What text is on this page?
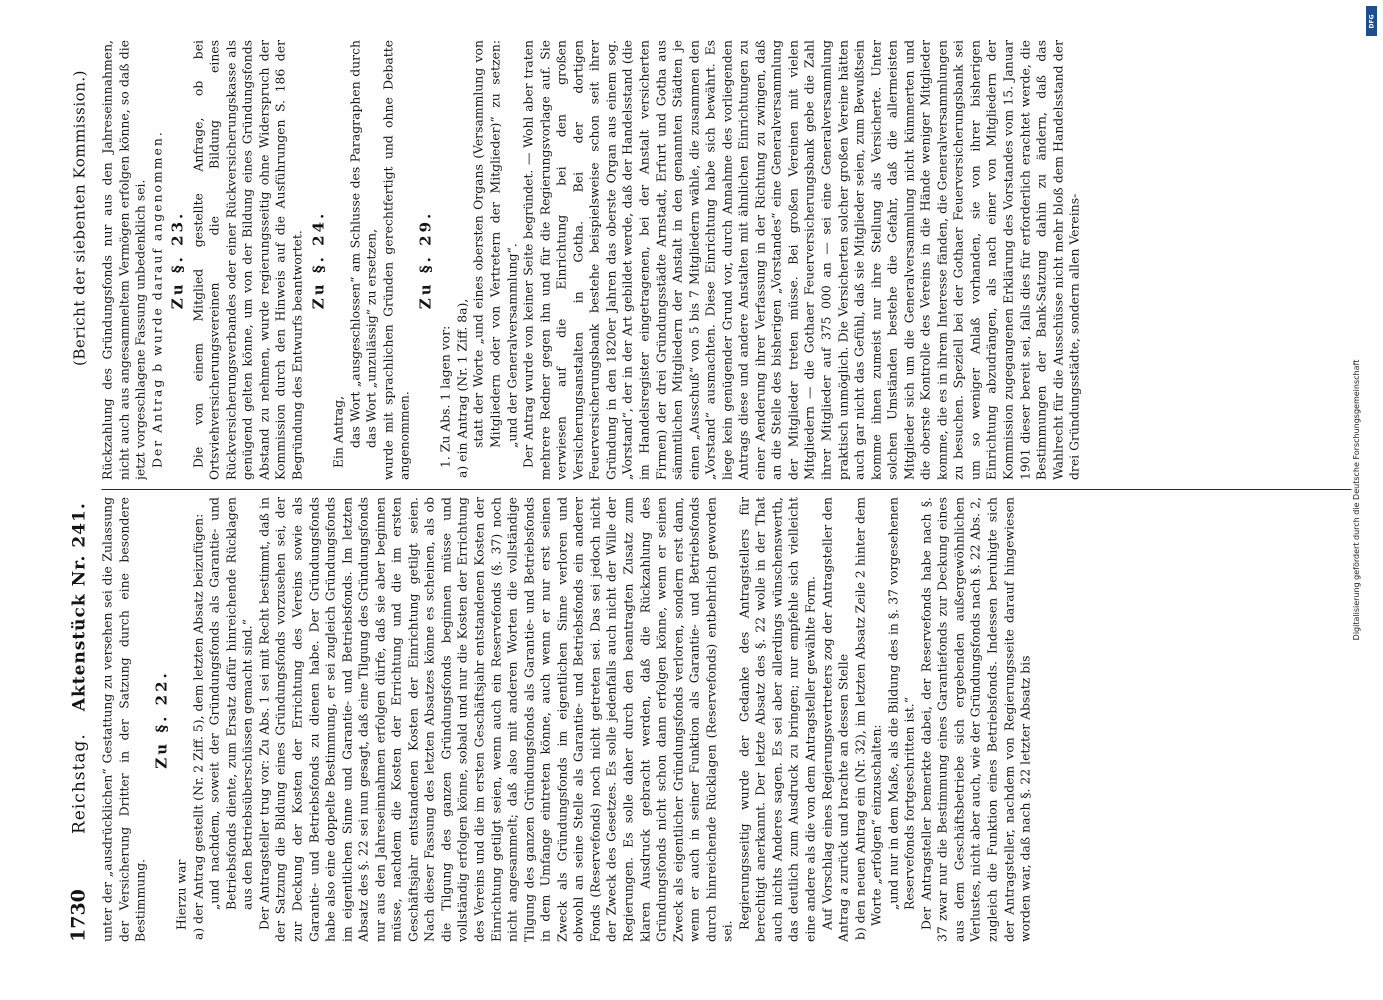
1730
Reichstag.
Aktenstück Nr. 241.
(Bericht der siebenten Kommission.)

unter der „ausdrücklichen“ Gestattung zu versehen sei die Zulassung der Versicherung Dritter in der Satzung durch eine besondere Bestimmung.

Zu §. 22.

Hierzu war a) der Antrag gestellt (Nr. 2 Ziff. 5), dem letzten Absatz beizufügen: „und nachdem, soweit der Gründungsfonds als Garantie- und Betriebsfonds diente, zum Ersatz dafür hinreichende Rücklagen aus den Betriebsüberschüssen gemacht sind.“ Der Antragsteller trug vor: Zu Abs. 1 sei mit Recht bestimmt, daß in der Satzung die Bildung eines Gründungsfonds vorzusehen sei, der zur Deckung der Kosten der Errichtung des Vereins sowie als Garantie- und Betriebsfonds zu dienen habe. Der Gründungsfonds habe also eine doppelte Bestimmung, er sei zugleich Gründungsfonds im eigentlichen Sinne und Garantie- und Betriebsfonds. Im letzten Absatz des §. 22 sei nun gesagt, daß eine Tilgung des Gründungsfonds nur aus den Jahreseinnahmen erfolgen dürfe, daß sie aber beginnen müsse, nachdem die Kosten der Errichtung und die im ersten Geschäftsjahr entstandenen Kosten der Einrichtung getilgt seien. Nach dieser Fassung des letzten Absatzes könne es scheinen, als ob die Tilgung des ganzen Gründungsfonds beginnen müsse und vollständig erfolgen könne, sobald und nur die Kosten der Errichtung des Vereins und die im ersten Geschäftsjahr entstandenen Kosten der Einrichtung getilgt seien, wenn auch ein Reservefonds (§. 37) noch nicht angesammelt; daß also mit anderen Worten die vollständige Tilgung des ganzen Gründungsfonds als Garantie- und Betriebsfonds in dem Umfange eintreten könne, auch wenn er nur erst seinen Zweck als Gründungsfonds im eigentlichen Sinne verloren und obwohl an seine Stelle als Garantie- und Betriebsfonds ein anderer Fonds (Reservefonds) noch nicht getreten sei. Das sei jedoch nicht der Zweck des Gesetzes. Es solle jedenfalls auch nicht der Wille der Regierungen. Es solle daher durch den beantragten Zusatz zum klaren Ausdruck gebracht werden, daß die Rückzahlung des Gründungsfonds nicht schon dann erfolgen könne, wenn er seinen Zweck als eigentlicher Gründungsfonds verloren, sondern erst dann, wenn er auch in seiner Funktion als Garantie- und Betriebsfonds durch hinreichende Rücklagen (Reservefonds) entbehrlich geworden sei.

Regierungsseitig wurde der Gedanke des Antragstellers für berechtigt anerkannt. Der letzte Absatz des §. 22 wolle in der That auch nichts Anderes sagen. Es sei aber allerdings wünschenswerth, das deutlich zum Ausdruck zu bringen; nur empfehle sich vielleicht eine andere als die von dem Antragsteller gewählte Form. Auf Vorschlag eines Regierungsvertreters zog der Antragsteller den Antrag a zurück und brachte an dessen Stelle b) den neuen Antrag ein (Nr. 32), im letzten Absatz Zeile 2 hinter dem Worte „erfolgen“ einzuschalten: „und nur in dem Maße, als die Bildung des in §. 37 vorgesehenen Reservefonds fortgeschritten ist.“ Der Antragsteller bemerkte dabei, der Reservefonds habe nach §. 37 zwar nur die Bestimmung eines Garantiefonds zur Deckung eines aus dem Geschäftsbetriebe sich ergebenden außergewöhnlichen Verlustes, nicht aber auch, wie der Gründungsfonds nach §. 22 Abs. 2, zugleich die Funktion eines Betriebsfonds. Indessen beruhigte sich der Antragsteller, nachdem von Regierungsseite darauf hingewiesen worden war, daß nach §. 22 letzter Absatz bis

Rückzahlung des Gründungsfonds nur aus den Jahreseinnahmen, nicht auch aus angesammeltem Vermögen erfolgen könne, so daß die jetzt vorgeschlagene Fassung unbedenklich sei. Der Antrag b wurde darauf angenommen. Zu §. 23. Die von einem Mitglied gestellte Anfrage, ob bei Ortsviehversicherungsvereinen die Bildung eines Rückversicherungsverbandes oder einer Rückversicherungskasse als genügend gelten könne, um von der Bildung eines Gründungsfonds Abstand zu nehmen, wurde regierungsseitig ohne Widerspruch der Kommission durch den Hinweis auf die Ausführungen S. 186 der Begründung des Entwurfs beantwortet. Zu §. 24.

Ein Antrag, das Wort „ausgeschlossen“ am Schlusse des Paragraphen durch das Wort „unzulässig“ zu ersetzen, wurde mit sprachlichen Gründen gerechtfertigt und ohne Debatte angenommen.

Zu §. 29.

1. Zu Abs. 1 lagen vor: a) ein Antrag (Nr. 1 Ziff. 8a), statt der Worte „und eines obersten Organs (Versammlung von Mitgliedern oder von Vertretern der Mitglieder)“ zu setzen: „und der Generalversammlung“. Der Antrag wurde von keiner Seite begründet. — Wohl aber traten mehrere Redner gegen ihn und für die Regierungsvorlage auf. Sie verwiesen auf die Einrichtung bei den großen Versicherungsanstalten in Gotha. Bei der dortigen Feuerversicherungsbank bestehe beispielsweise schon seit ihrer Gründung in den 1820er Jahren das oberste Organ aus einem sog. „Vorstand“, der in der Art gebildet werde, daß der Handelsstand (die im Handelsregister eingetragenen, bei der Anstalt versicherten Firmen) der drei Gründungsstädte Arnstadt, Erfurt und Gotha aus sämmtlichen Mitgliedern der Anstalt in den genannten Städten je einen „Ausschuß“ von 5 bis 7 Mitgliedern wähle, die zusammen den „Vorstand“ ausmachten. Diese Einrichtung habe sich bewährt. Es liege kein genügender Grund vor, durch Annahme des vorliegenden Antrags diese und andere Anstalten mit ähnlichen Einrichtungen zu einer Aenderung ihrer Verfassung in der Richtung zu zwingen, daß an die Stelle des bisherigen „Vorstandes“ eine Generalversammlung der Mitglieder treten müsse. Bei großen Vereinen mit vielen Mitgliedern — die Gothaer Feuerversicherungsbank gebe die Zahl ihrer Mitglieder auf 375 000 an — sei eine Generalversammlung praktisch unmöglich. Die Versicherten solcher großen Vereine hätten auch gar nicht das Gefühl, daß sie Mitglieder seien, zum Bewußtsein komme ihnen zumeist nur ihre Stellung als Versicherte. Unter solchen Umständen bestehe die Gefahr, daß die allermeisten Mitglieder sich um die Generalversammlung nicht kümmerten und die oberste Kontrolle des Vereins in die Hände weniger Mitglieder komme, die es in ihrem Interesse fänden, die Generalversammlungen zu besuchen. Speziell bei der Gothaer Feuerversicherungsbank sei um so weniger Anlaß vorhanden, sie von ihrer bisherigen Einrichtung abzudrängen, als nach einer von Mitgliedern der Kommission zugegangenen Erklärung des Vorstandes vom 15. Januar 1901 dieser bereit sei, falls dies für erforderlich erachtet werde, die Bestimmungen der Bank-Satzung dahin zu ändern, daß das Wahlrecht für die Ausschüsse nicht mehr bloß dem Handelsstand der drei Gründungsstädte, sondern allen Vereins-

Digitalisierung gefördert durch die Deutsche Forschungsgemeinschaft
DFG
